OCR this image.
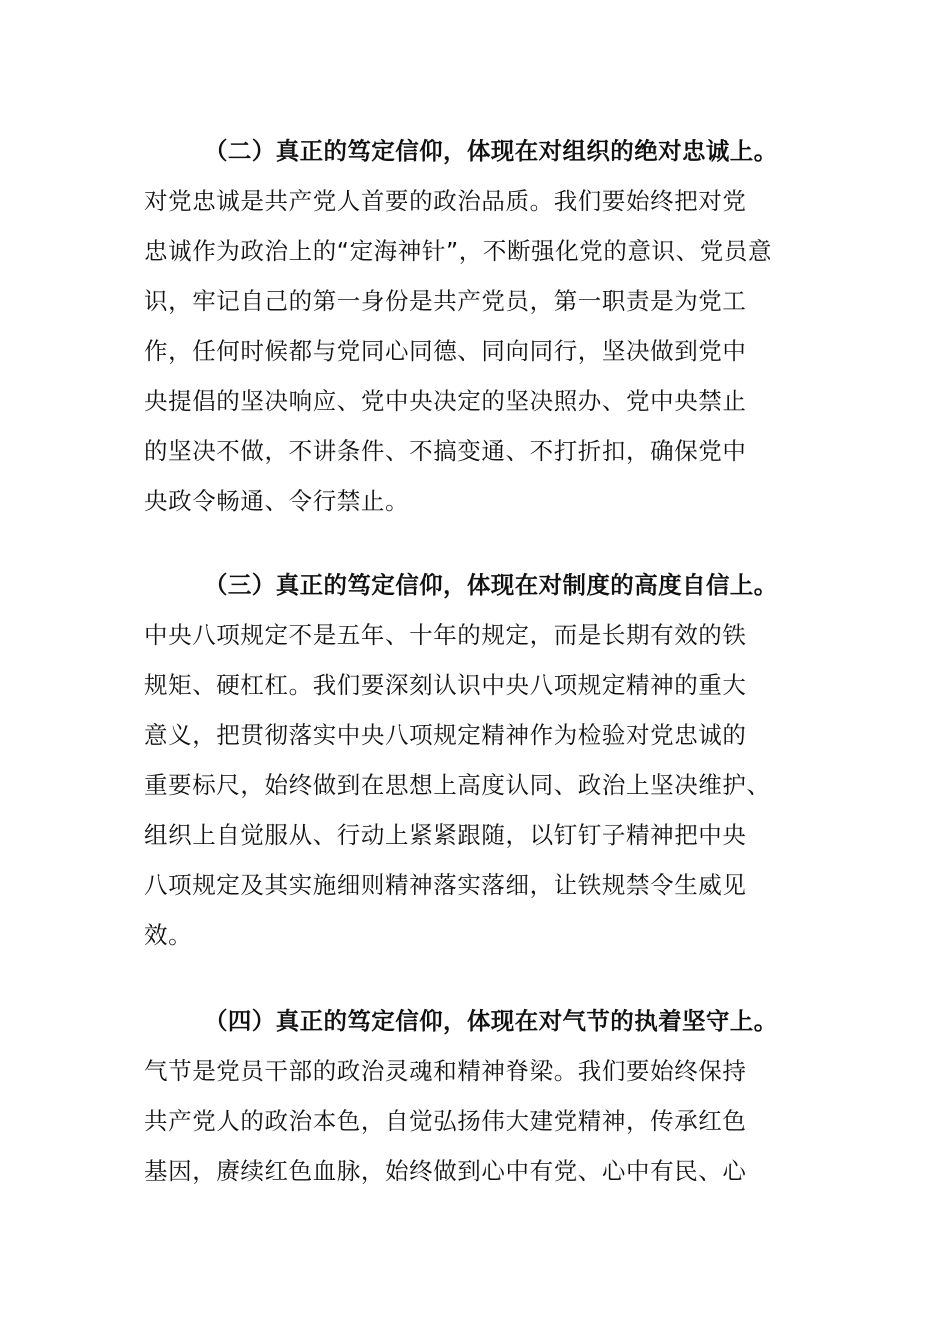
（二）真正的笃定信仰，体现在对组织的绝对忠诚上。
对党忠诚是共产党人首要的政治品质。我们要始终把对党
忠诚作为政治上的“定海神针”，不断强化党的意识、党员意
识，牢记自己的第一身份是共产党员，第一职责是为党工
作，任何时候都与党同心同德、同向同行，坚决做到党中
央提倡的坚决响应、党中央决定的坚决照办、党中央禁止
的坚决不做，不讲条件、不搞变通、不打折扣，确保党中
央政令畅通、令行禁止。
（三）真正的笃定信仰，体现在对制度的高度自信上。
中央八项规定不是五年、十年的规定，而是长期有效的铁
规矩、硬杠杠。我们要深刻认识中央八项规定精神的重大
意义，把贯彻落实中央八项规定精神作为检验对党忠诚的
重要标尺，始终做到在思想上高度认同、政治上坚决维护、
组织上自觉服从、行动上紧紧跟随，以钉钉子精神把中央
八项规定及其实施细则精神落实落细，让铁规禁令生威见
效。
（四）真正的笃定信仰，体现在对气节的执着坚守上。
气节是党员干部的政治灵魂和精神脊梁。我们要始终保持
共产党人的政治本色，自觉弘扬伟大建党精神，传承红色
基因，赓续红色血脉，始终做到心中有党、心中有民、心
